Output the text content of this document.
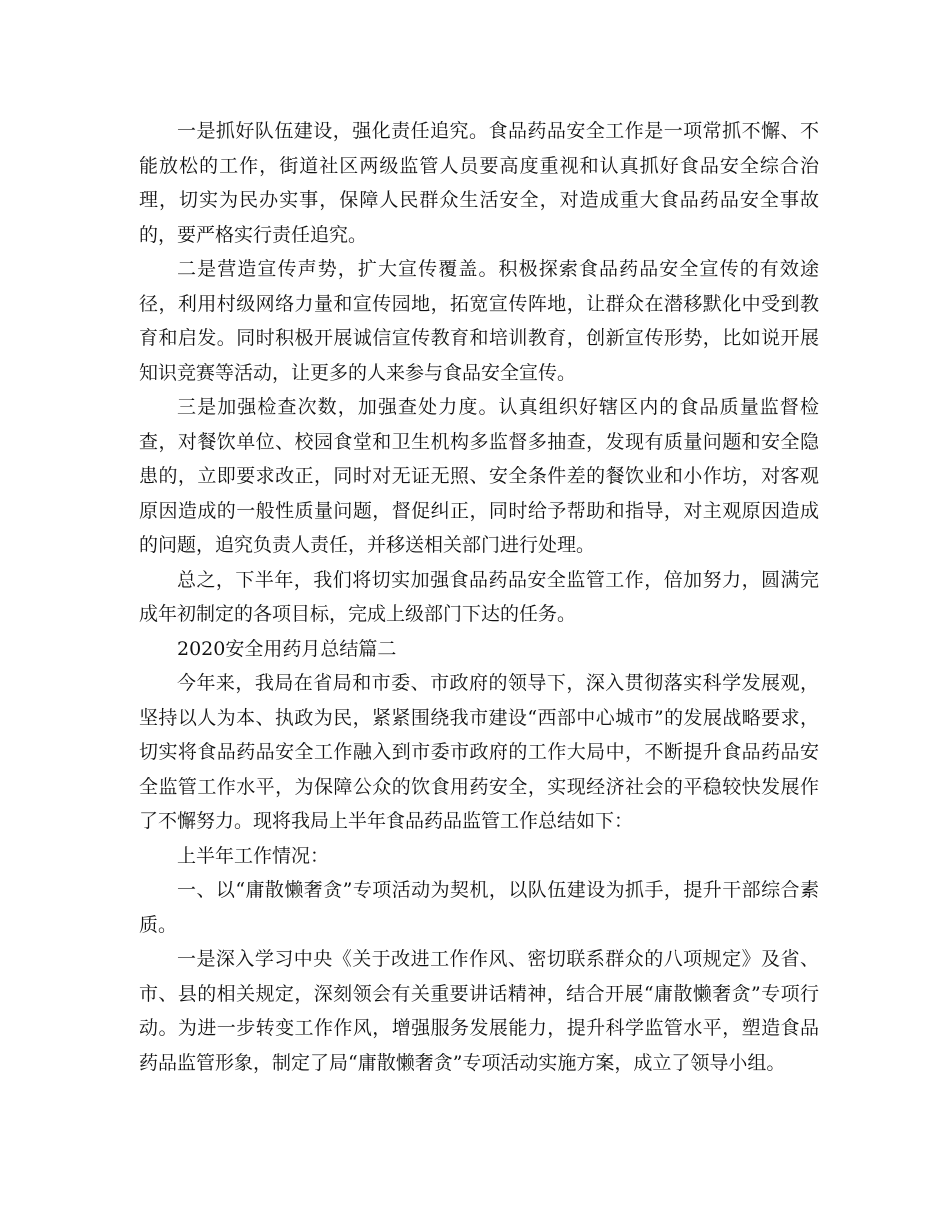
一是抓好队伍建设，强化责任追究。食品药品安全工作是一项常抓不懈、不能放松的工作，街道社区两级监管人员要高度重视和认真抓好食品安全综合治理，切实为民办实事，保障人民群众生活安全，对造成重大食品药品安全事故的，要严格实行责任追究。

二是营造宣传声势，扩大宣传覆盖。积极探索食品药品安全宣传的有效途径，利用村级网络力量和宣传园地，拓宽宣传阵地，让群众在潜移默化中受到教育和启发。同时积极开展诚信宣传教育和培训教育，创新宣传形势，比如说开展知识竞赛等活动，让更多的人来参与食品安全宣传。

三是加强检查次数，加强查处力度。认真组织好辖区内的食品质量监督检查，对餐饮单位、校园食堂和卫生机构多监督多抽查，发现有质量问题和安全隐患的，立即要求改正，同时对无证无照、安全条件差的餐饮业和小作坊，对客观原因造成的一般性质量问题，督促纠正，同时给予帮助和指导，对主观原因造成的问题，追究负责人责任，并移送相关部门进行处理。

总之，下半年，我们将切实加强食品药品安全监管工作，倍加努力，圆满完成年初制定的各项目标，完成上级部门下达的任务。

2020安全用药月总结篇二

今年来，我局在省局和市委、市政府的领导下，深入贯彻落实科学发展观，坚持以人为本、执政为民，紧紧围绕我市建设“西部中心城市”的发展战略要求，切实将食品药品安全工作融入到市委市政府的工作大局中，不断提升食品药品安全监管工作水平，为保障公众的饮食用药安全，实现经济社会的平稳较快发展作了不懈努力。现将我局上半年食品药品监管工作总结如下：

上半年工作情况：

一、以“庸散懒奢贪”专项活动为契机，以队伍建设为抓手，提升干部综合素质。

一是深入学习中央《关于改进工作作风、密切联系群众的八项规定》及省、市、县的相关规定，深刻领会有关重要讲话精神，结合开展“庸散懒奢贪”专项行动。为进一步转变工作作风，增强服务发展能力，提升科学监管水平，塑造食品药品监管形象，制定了局“庸散懒奢贪”专项活动实施方案，成立了领导小组。
